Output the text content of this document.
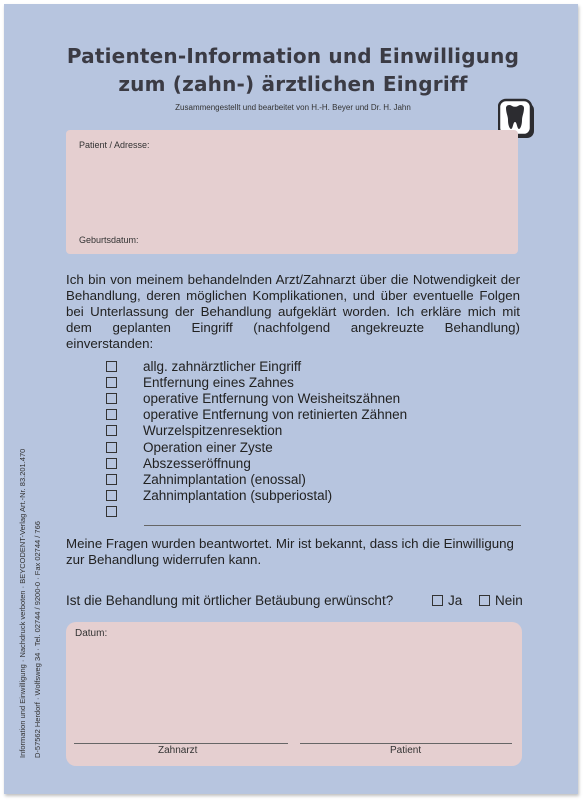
Patienten-Information und Einwilligung
zum (zahn-) ärztlichen Eingriff
Zusammengestellt und bearbeitet von H.-H. Beyer und Dr. H. Jahn
Patient / Adresse:
Geburtsdatum:
Ich bin von meinem behandelnden Arzt/Zahnarzt über die Notwendigkeit der Behandlung, deren möglichen Komplikationen, und über eventuelle Folgen bei Unterlassung der Behandlung aufgeklärt worden. Ich erkläre mich mit dem geplanten Eingriff (nachfolgend angekreuzte Behandlung) einverstanden:
allg. zahnärztlicher Eingriff
Entfernung eines Zahnes
operative Entfernung von Weisheitszähnen
operative Entfernung von retinierten Zähnen
Wurzelspitzenresektion
Operation einer Zyste
Abszesseröffnung
Zahnimplantation (enossal)
Zahnimplantation (subperiostal)
Meine Fragen wurden beantwortet. Mir ist bekannt, dass ich die Einwilligung zur Behandlung widerrufen kann.
Ist die Behandlung mit örtlicher Betäubung erwünscht?	Ja Nein
Datum:
Zahnarzt	Patient
Information und Einwilligung · Nachdruck verboten · BEYCODENT-Verlag Art.-Nr. 83.201.470 D-57562 Herdorf · Wolfsweg 34 · Tel. 02744 / 9200-0 · Fax 02744 / 766
